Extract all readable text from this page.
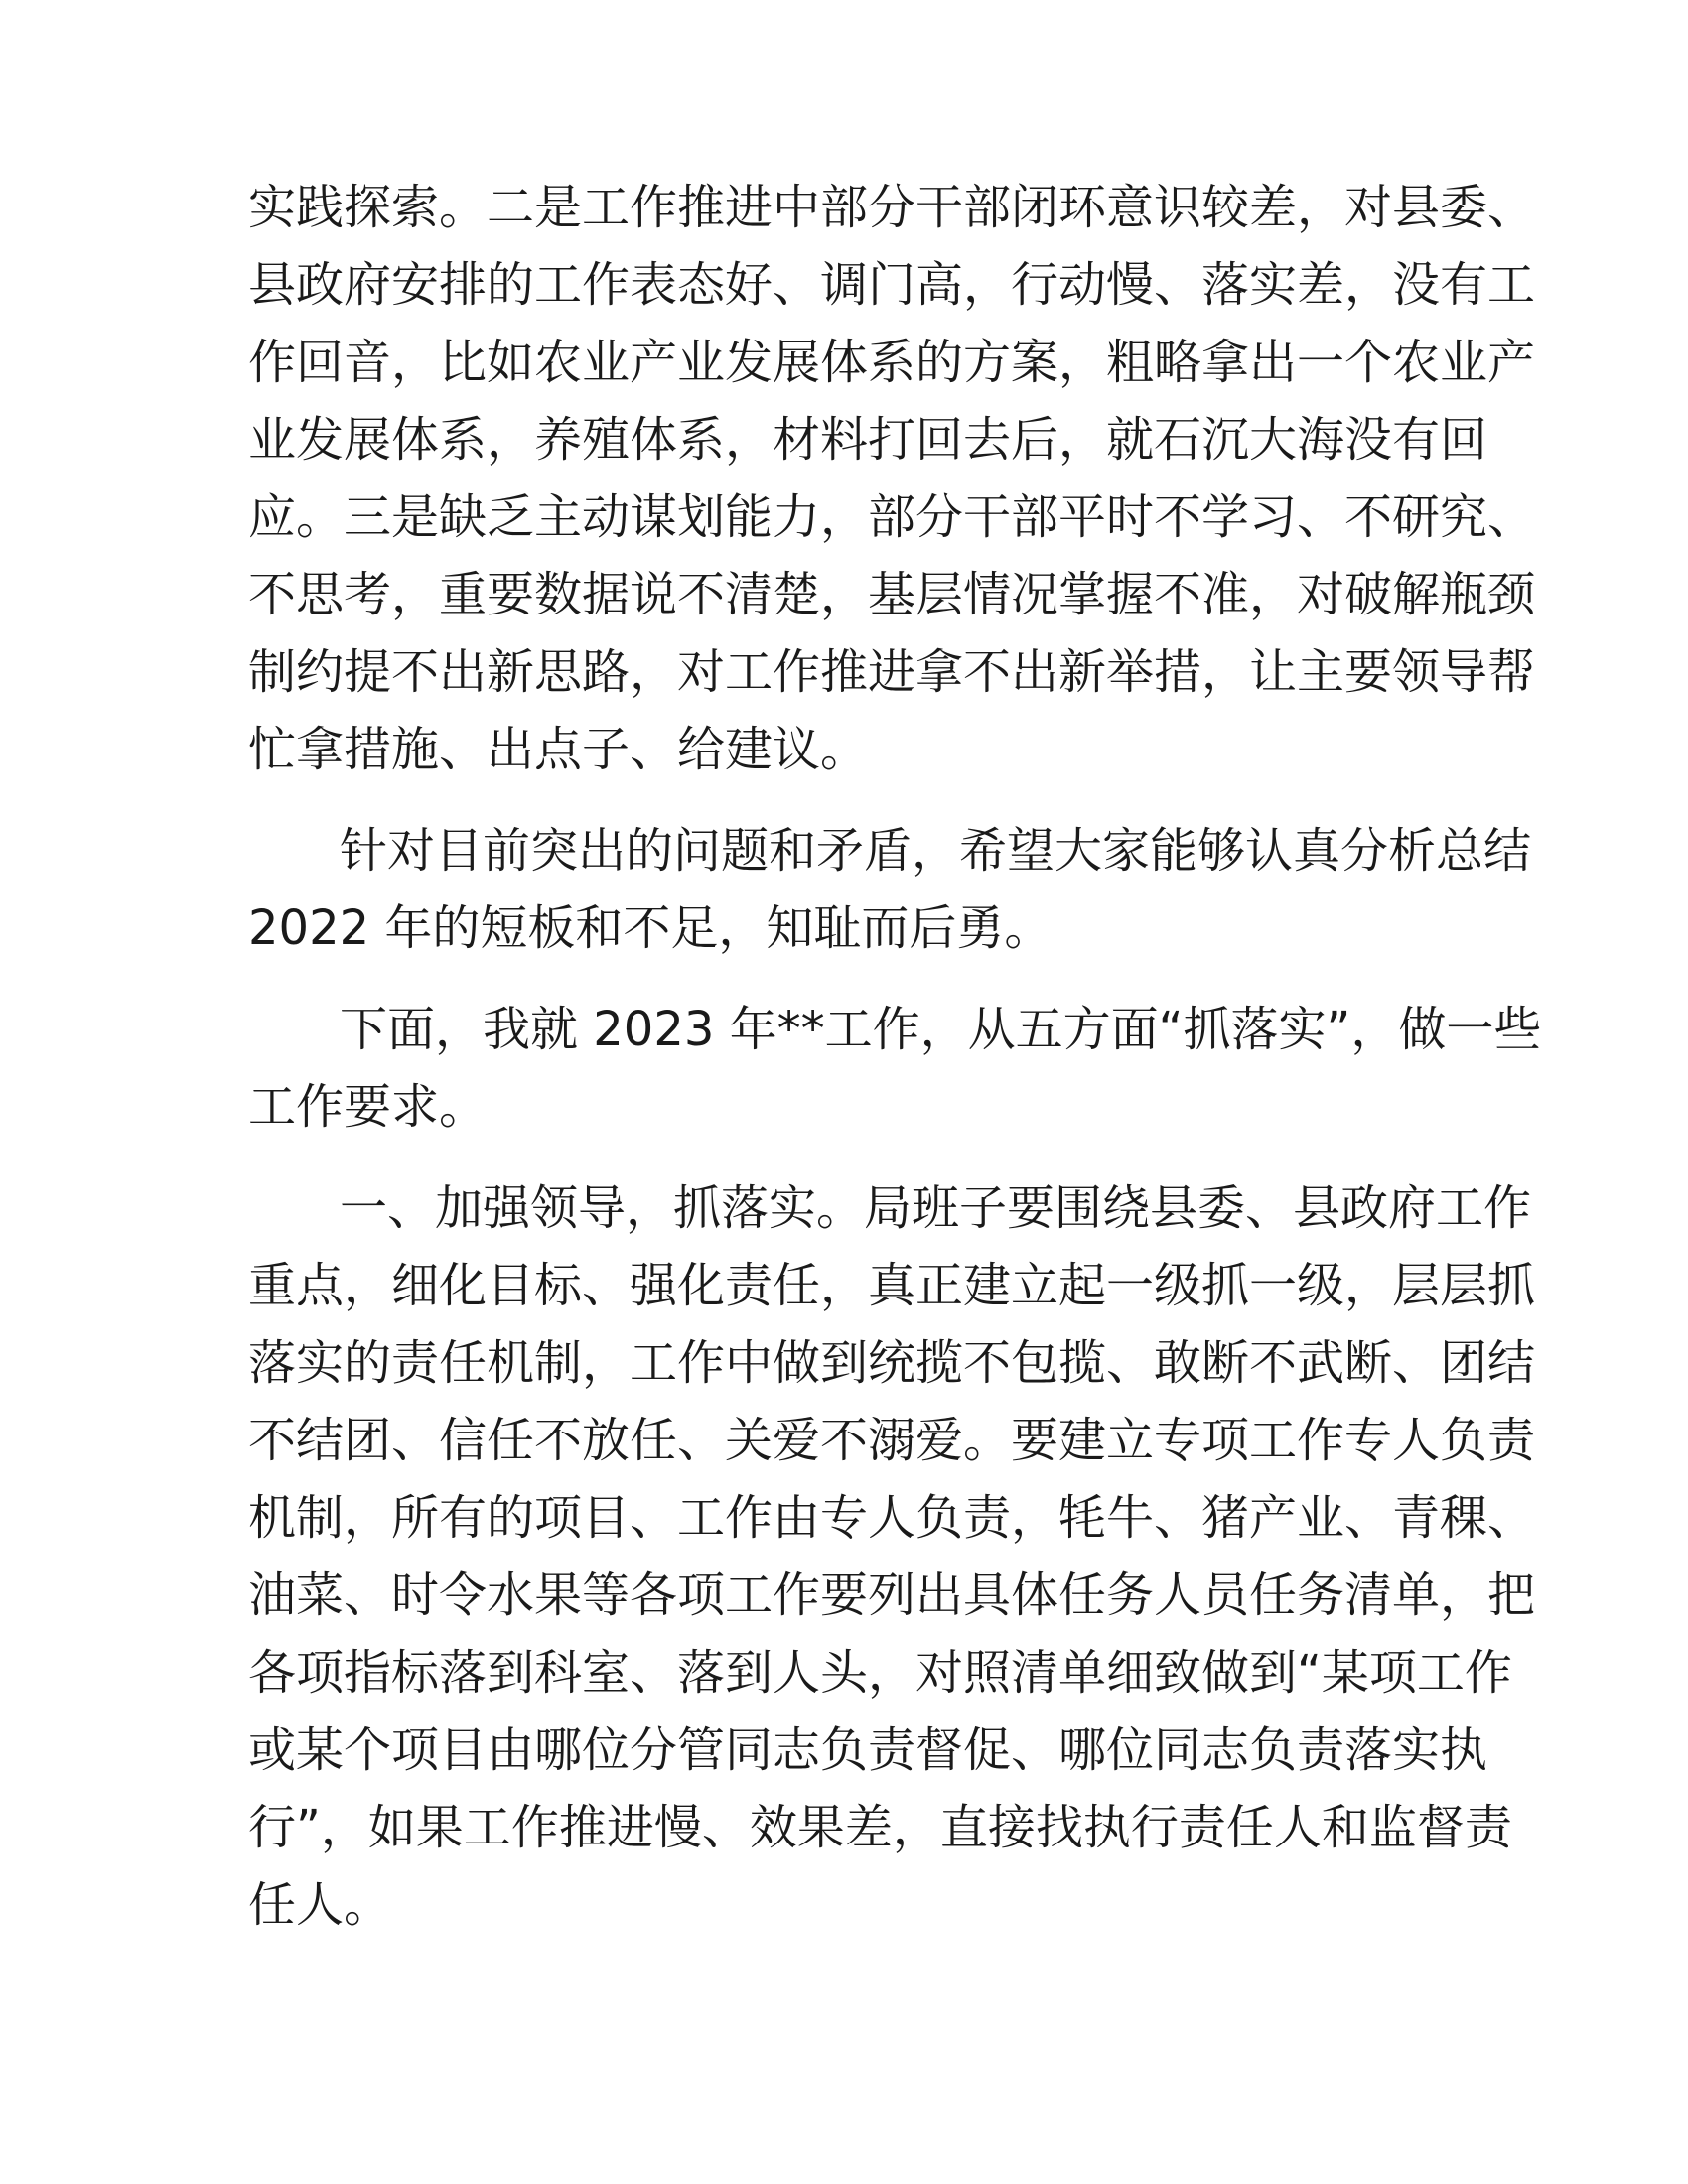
实践探索。二是工作推进中部分干部闭环意识较差，对县委、
县政府安排的工作表态好、调门高，行动慢、落实差，没有工
作回音，比如农业产业发展体系的方案，粗略拿出一个农业产
业发展体系，养殖体系，材料打回去后，就石沉大海没有回
应。三是缺乏主动谋划能力，部分干部平时不学习、不研究、
不思考，重要数据说不清楚，基层情况掌握不准，对破解瓶颈
制约提不出新思路，对工作推进拿不出新举措，让主要领导帮
忙拿措施、出点子、给建议。

针对目前突出的问题和矛盾，希望大家能够认真分析总结
2022 年的短板和不足，知耻而后勇。

下面，我就 2023 年**工作，从五方面“抓落实”，做一些
工作要求。

一、加强领导，抓落实。局班子要围绕县委、县政府工作
重点，细化目标、强化责任，真正建立起一级抓一级，层层抓
落实的责任机制，工作中做到统揽不包揽、敢断不武断、团结
不结团、信任不放任、关爱不溺爱。要建立专项工作专人负责
机制，所有的项目、工作由专人负责，牦牛、猪产业、青稞、
油菜、时令水果等各项工作要列出具体任务人员任务清单，把
各项指标落到科室、落到人头，对照清单细致做到“某项工作
或某个项目由哪位分管同志负责督促、哪位同志负责落实执
行”，如果工作推进慢、效果差，直接找执行责任人和监督责
任人。
